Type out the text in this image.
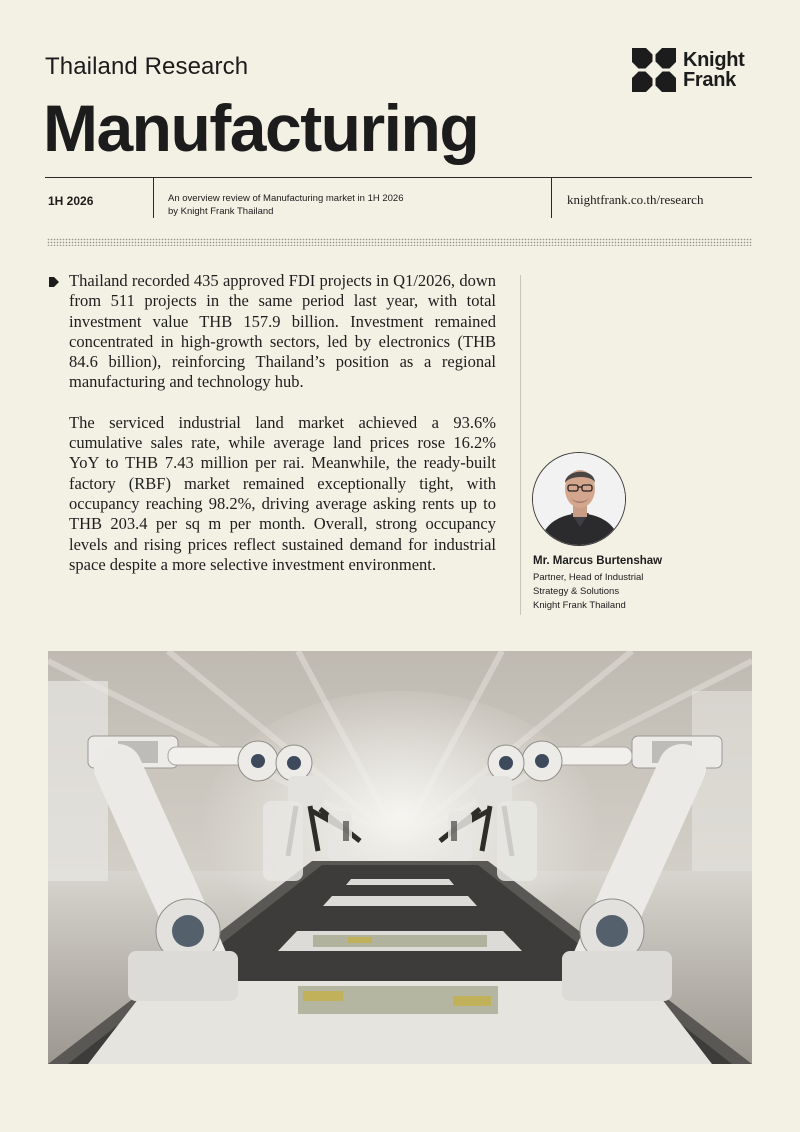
Thailand Research
Manufacturing
Knight
Frank
1H 2026	An overview review of Manufacturing market in 1H 2026
by Knight Frank Thailand
knightfrank.co.th/research

Thailand recorded 435 approved FDI projects in Q1/2026, down from 511 projects in the same period last year, with total investment value THB 157.9 billion. Investment remained concentrated in high-growth sectors, led by electronics (THB 84.6 billion), reinforcing Thailand’s position as a regional manufacturing and technology hub.

The serviced industrial land market achieved a 93.6% cumulative sales rate, while average land prices rose 16.2% YoY to THB 7.43 million per rai. Meanwhile, the ready-built factory (RBF) market remained exceptionally tight, with occupancy reaching 98.2%, driving average asking rents up to THB 203.4 per sq m per month. Overall, strong occupancy levels and rising prices reflect sustained demand for industrial space despite a more selective investment environment.	Mr. Marcus Burtenshaw
Partner, Head of Industrial
Strategy & Solutions
Knight Frank Thailand
